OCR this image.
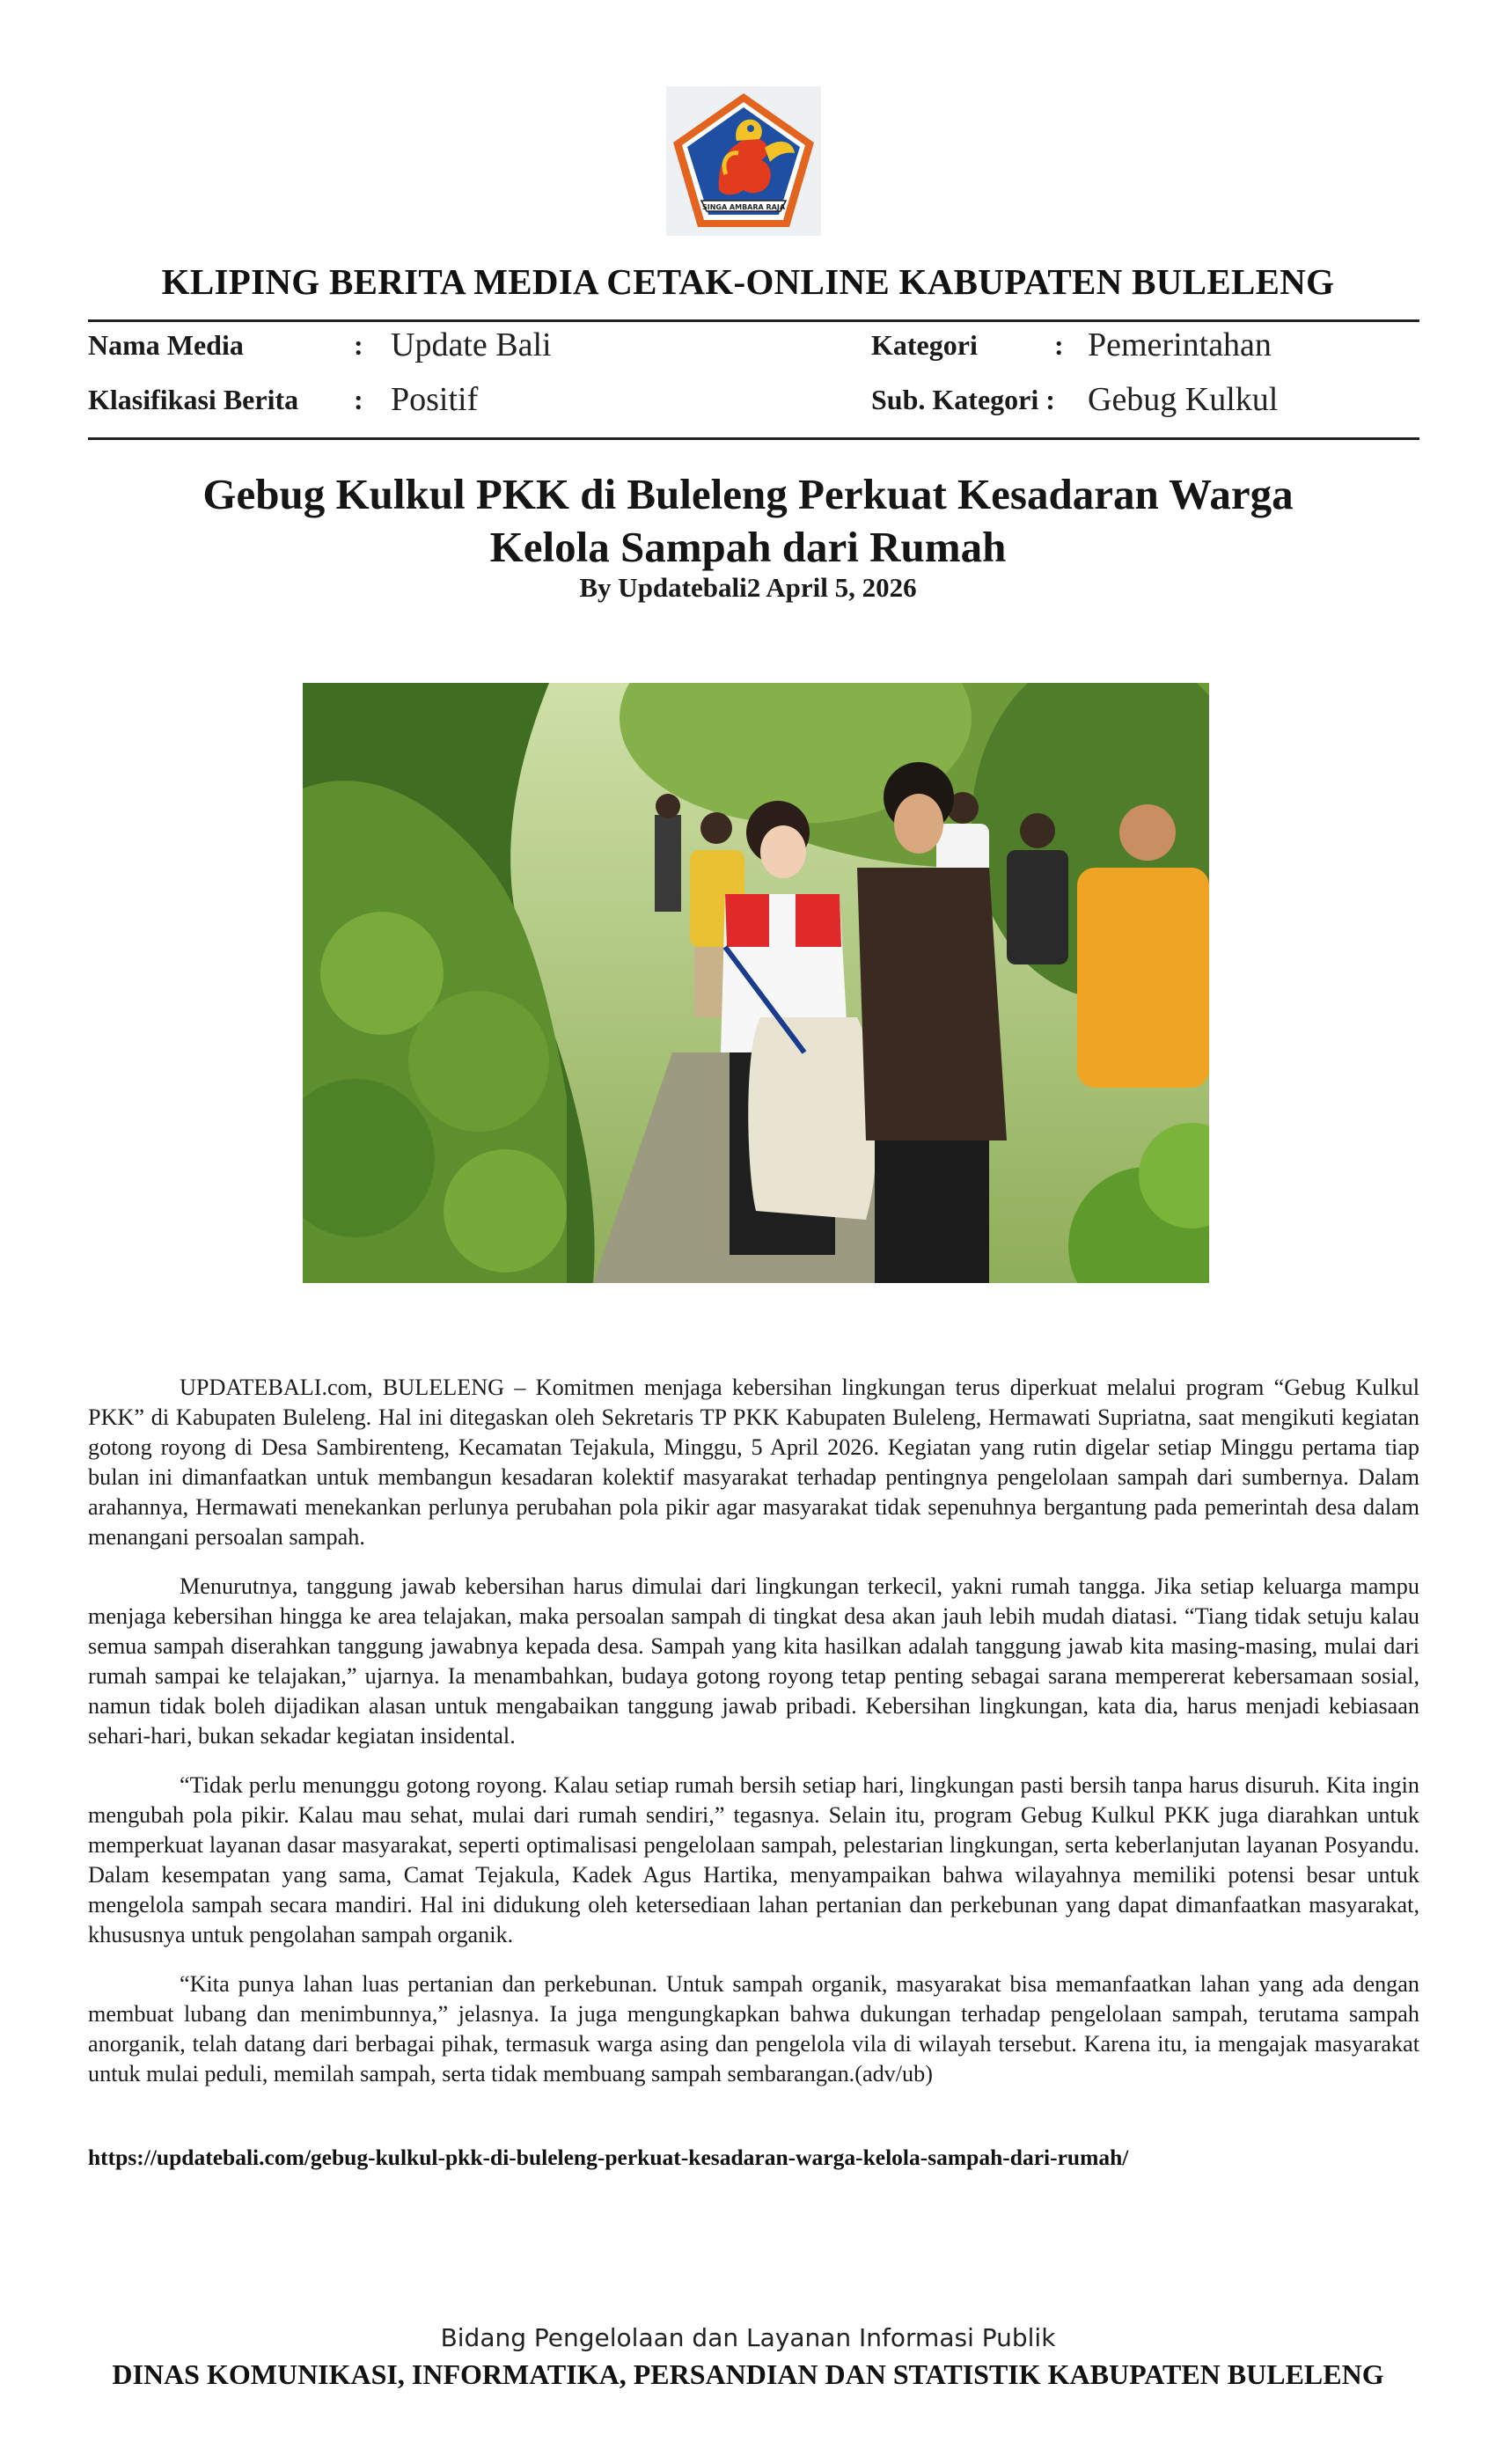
SINGA AMBARA RAJA
KLIPING BERITA MEDIA CETAK-ONLINE KABUPATEN BULELENG
Nama Media	: Update Bali	Kategori	: Pemerintahan
Klasifikasi Berita : Positif	Sub. Kategori : Gebug Kulkul
Gebug Kulkul PKK di Buleleng Perkuat Kesadaran Warga
Kelola Sampah dari Rumah
By Updatebali2 April 5, 2026

UPDATEBALI.com, BULELENG – Komitmen menjaga kebersihan lingkungan terus diperkuat melalui program “Gebug Kulkul PKK” di Kabupaten Buleleng. Hal ini ditegaskan oleh Sekretaris TP PKK Kabupaten Buleleng, Hermawati Supriatna, saat mengikuti kegiatan gotong royong di Desa Sambirenteng, Kecamatan Tejakula, Minggu, 5 April 2026. Kegiatan yang rutin digelar setiap Minggu pertama tiap bulan ini dimanfaatkan untuk membangun kesadaran kolektif masyarakat terhadap pentingnya pengelolaan sampah dari sumbernya. Dalam arahannya, Hermawati menekankan perlunya perubahan pola pikir agar masyarakat tidak sepenuhnya bergantung pada pemerintah desa dalam menangani persoalan sampah.

Menurutnya, tanggung jawab kebersihan harus dimulai dari lingkungan terkecil, yakni rumah tangga. Jika setiap keluarga mampu menjaga kebersihan hingga ke area telajakan, maka persoalan sampah di tingkat desa akan jauh lebih mudah diatasi. “Tiang tidak setuju kalau semua sampah diserahkan tanggung jawabnya kepada desa. Sampah yang kita hasilkan adalah tanggung jawab kita masing-masing, mulai dari rumah sampai ke telajakan,” ujarnya. Ia menambahkan, budaya gotong royong tetap penting sebagai sarana mempererat kebersamaan sosial, namun tidak boleh dijadikan alasan untuk mengabaikan tanggung jawab pribadi. Kebersihan lingkungan, kata dia, harus menjadi kebiasaan sehari-hari, bukan sekadar kegiatan insidental.

“Tidak perlu menunggu gotong royong. Kalau setiap rumah bersih setiap hari, lingkungan pasti bersih tanpa harus disuruh. Kita ingin mengubah pola pikir. Kalau mau sehat, mulai dari rumah sendiri,” tegasnya. Selain itu, program Gebug Kulkul PKK juga diarahkan untuk memperkuat layanan dasar masyarakat, seperti optimalisasi pengelolaan sampah, pelestarian lingkungan, serta keberlanjutan layanan Posyandu. Dalam kesempatan yang sama, Camat Tejakula, Kadek Agus Hartika, menyampaikan bahwa wilayahnya memiliki potensi besar untuk mengelola sampah secara mandiri. Hal ini didukung oleh ketersediaan lahan pertanian dan perkebunan yang dapat dimanfaatkan masyarakat, khususnya untuk pengolahan sampah organik.

“Kita punya lahan luas pertanian dan perkebunan. Untuk sampah organik, masyarakat bisa memanfaatkan lahan yang ada dengan membuat lubang dan menimbunnya,” jelasnya. Ia juga mengungkapkan bahwa dukungan terhadap pengelolaan sampah, terutama sampah anorganik, telah datang dari berbagai pihak, termasuk warga asing dan pengelola vila di wilayah tersebut. Karena itu, ia mengajak masyarakat untuk mulai peduli, memilah sampah, serta tidak membuang sampah sembarangan.(adv/ub)

https://updatebali.com/gebug-kulkul-pkk-di-buleleng-perkuat-kesadaran-warga-kelola-sampah-dari-rumah/
Bidang Pengelolaan dan Layanan Informasi Publik
DINAS KOMUNIKASI, INFORMATIKA, PERSANDIAN DAN STATISTIK KABUPATEN BULELENG
